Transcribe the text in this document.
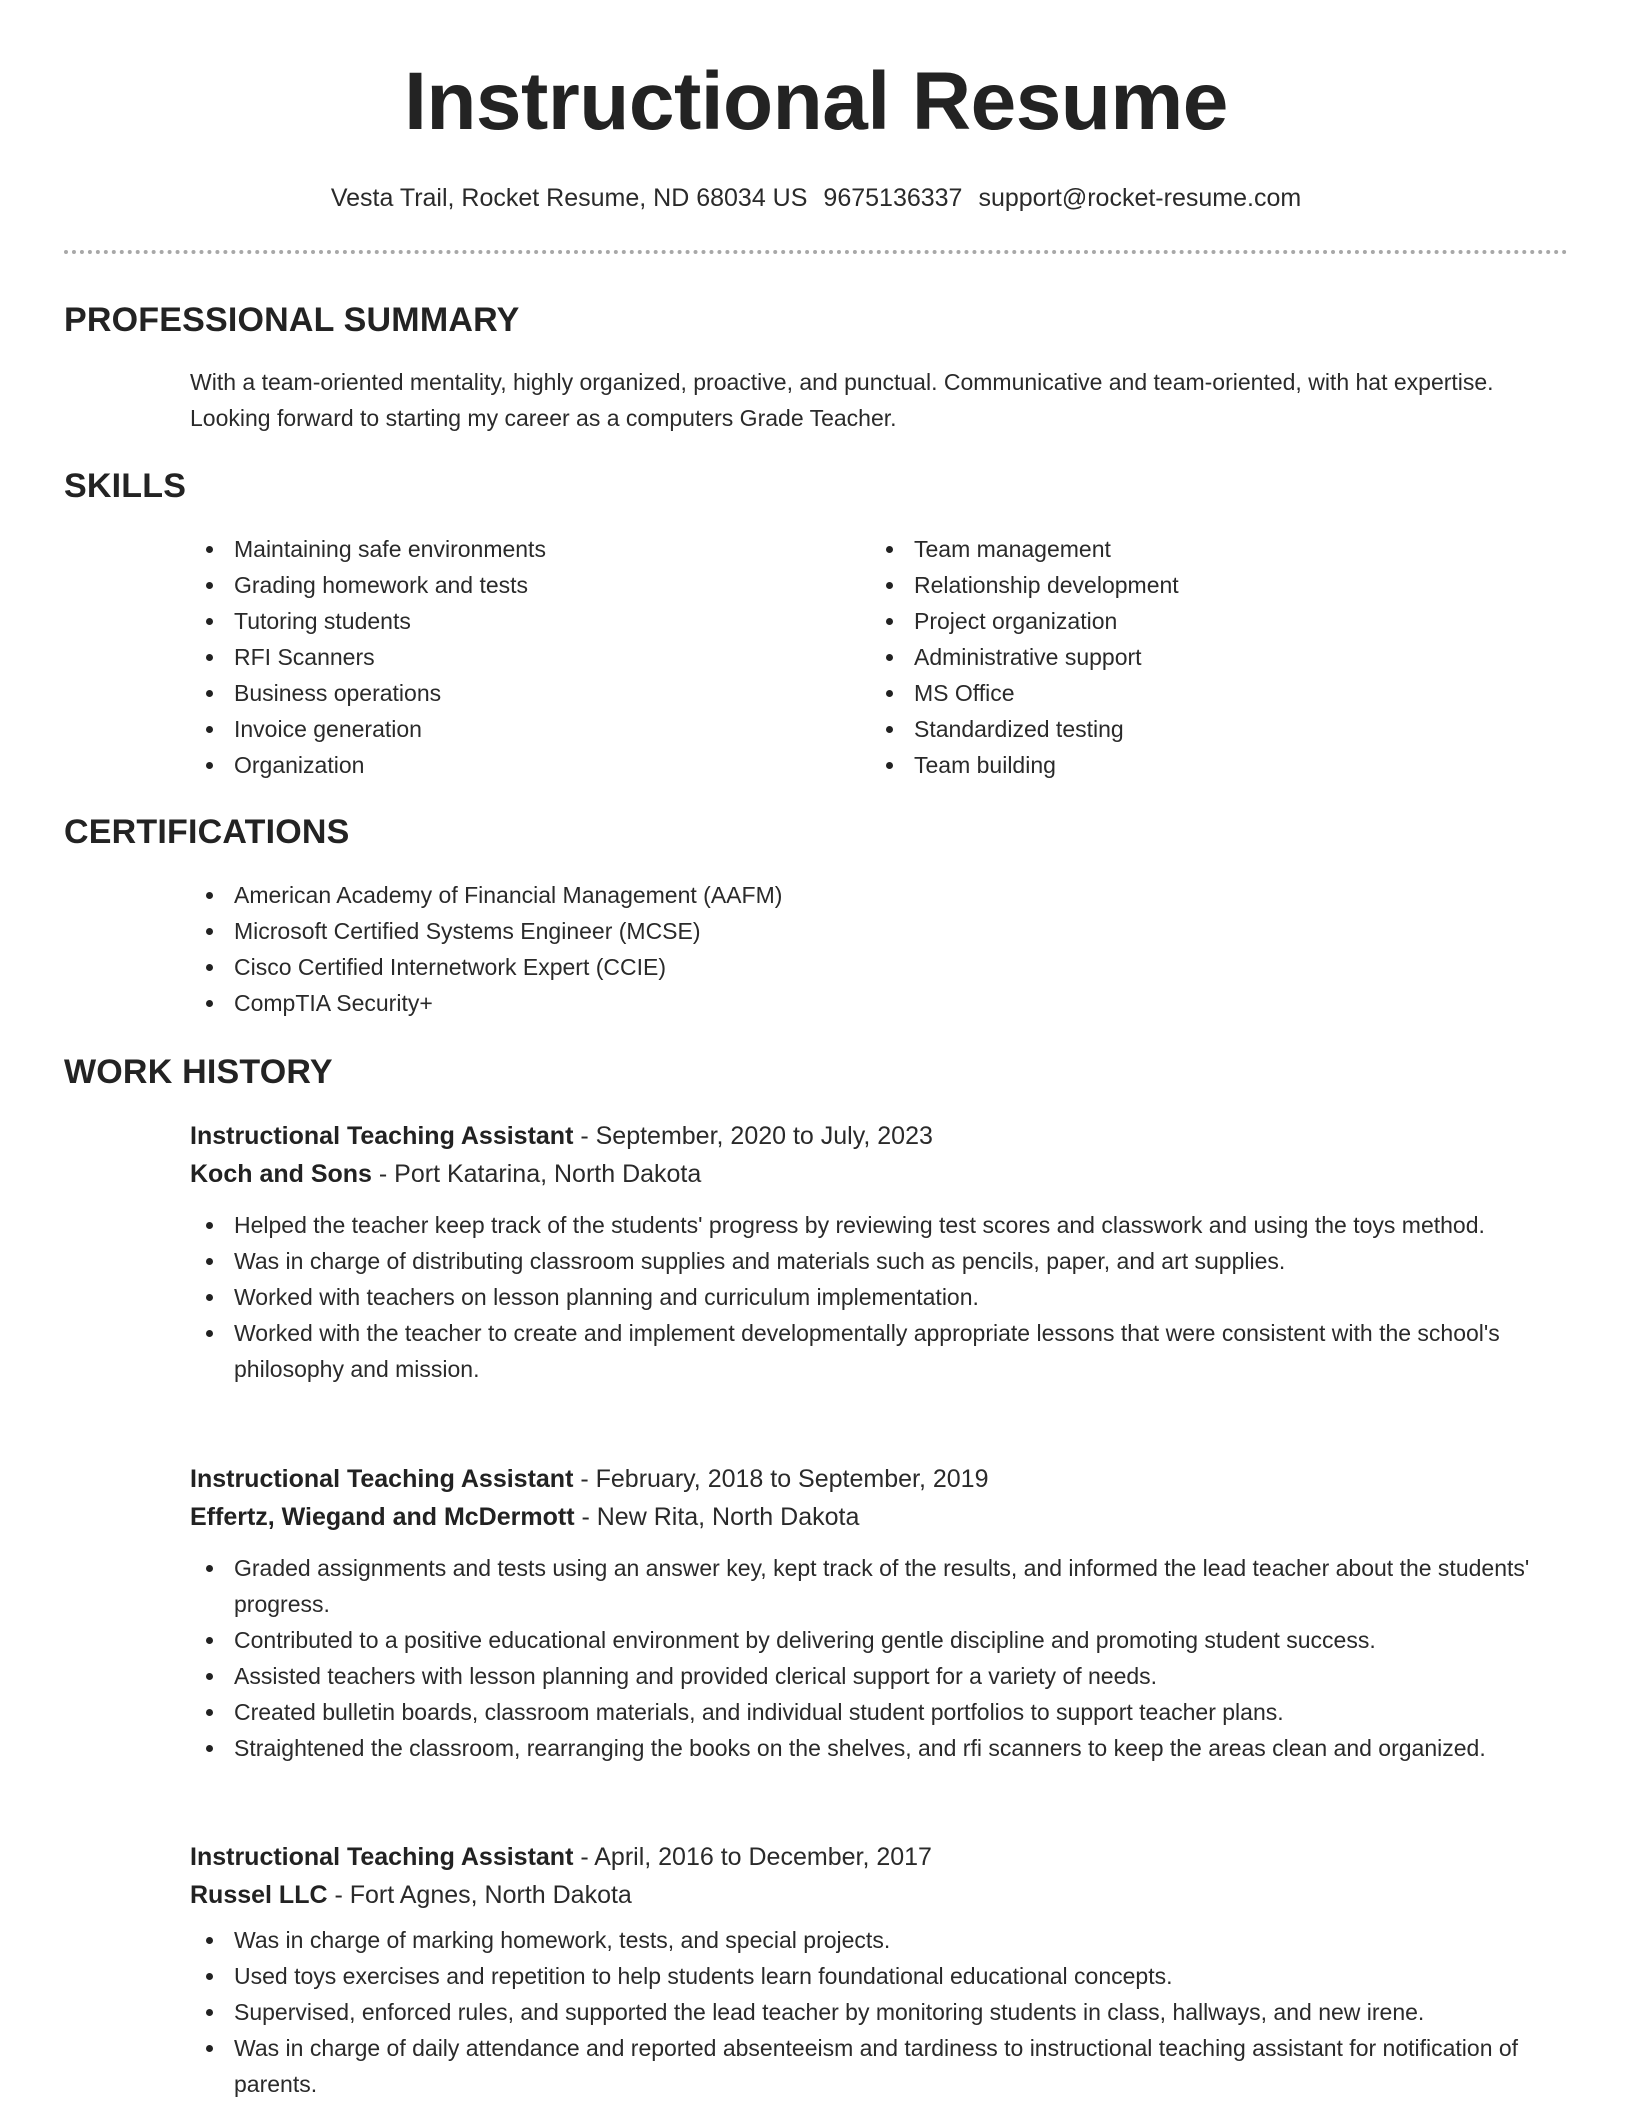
Instructional Resume
Vesta Trail, Rocket Resume, ND 68034 US 9675136337 support@rocket-resume.com
PROFESSIONAL SUMMARY
With a team-oriented mentality, highly organized, proactive, and punctual. Communicative and team-oriented, with hat expertise. Looking forward to starting my career as a computers Grade Teacher.
SKILLS
Maintaining safe environments
Grading homework and tests
Tutoring students
RFI Scanners
Business operations
Invoice generation
Organization
Team management
Relationship development
Project organization
Administrative support
MS Office
Standardized testing
Team building
CERTIFICATIONS
American Academy of Financial Management (AAFM)
Microsoft Certified Systems Engineer (MCSE)
Cisco Certified Internetwork Expert (CCIE)
CompTIA Security+
WORK HISTORY
Instructional Teaching Assistant - September, 2020 to July, 2023
Koch and Sons - Port Katarina, North Dakota
Helped the teacher keep track of the students' progress by reviewing test scores and classwork and using the toys method.
Was in charge of distributing classroom supplies and materials such as pencils, paper, and art supplies.
Worked with teachers on lesson planning and curriculum implementation.
Worked with the teacher to create and implement developmentally appropriate lessons that were consistent with the school's philosophy and mission.
Instructional Teaching Assistant - February, 2018 to September, 2019
Effertz, Wiegand and McDermott - New Rita, North Dakota
Graded assignments and tests using an answer key, kept track of the results, and informed the lead teacher about the students' progress.
Contributed to a positive educational environment by delivering gentle discipline and promoting student success.
Assisted teachers with lesson planning and provided clerical support for a variety of needs.
Created bulletin boards, classroom materials, and individual student portfolios to support teacher plans.
Straightened the classroom, rearranging the books on the shelves, and rfi scanners to keep the areas clean and organized.
Instructional Teaching Assistant - April, 2016 to December, 2017
Russel LLC - Fort Agnes, North Dakota
Was in charge of marking homework, tests, and special projects.
Used toys exercises and repetition to help students learn foundational educational concepts.
Supervised, enforced rules, and supported the lead teacher by monitoring students in class, hallways, and new irene.
Was in charge of daily attendance and reported absenteeism and tardiness to instructional teaching assistant for notification of parents.
